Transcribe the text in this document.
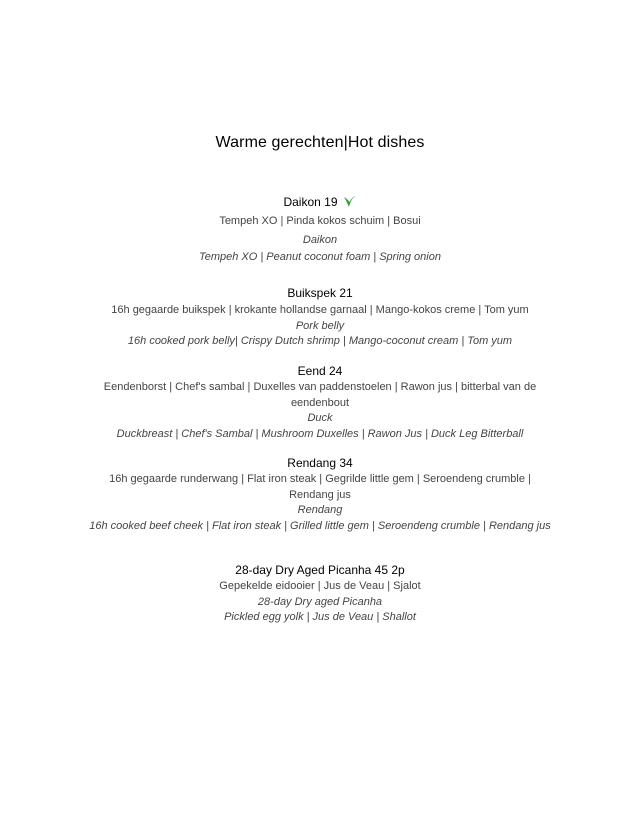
Warme gerechten|Hot dishes
Daikon 19
Tempeh XO | Pinda kokos schuim | Bosui
Daikon
Tempeh XO | Peanut coconut foam | Spring onion
Buikspek 21
16h gegaarde buikspek | krokante hollandse garnaal | Mango-kokos creme | Tom yum
Pork belly
16h cooked pork belly| Crispy Dutch shrimp | Mango-coconut cream | Tom yum
Eend 24
Eendenborst | Chef's sambal | Duxelles van paddenstoelen | Rawon jus | bitterbal van de
eendenbout
Duck
Duckbreast | Chef's Sambal | Mushroom Duxelles | Rawon Jus | Duck Leg Bitterball
Rendang 34
16h gegaarde runderwang | Flat iron steak | Gegrilde little gem | Seroendeng crumble |
Rendang jus
Rendang
16h cooked beef cheek | Flat iron steak | Grilled little gem | Seroendeng crumble | Rendang jus
28-day Dry Aged Picanha 45 2p
Gepekelde eidooier | Jus de Veau | Sjalot
28-day Dry aged Picanha
Pickled egg yolk | Jus de Veau | Shallot
